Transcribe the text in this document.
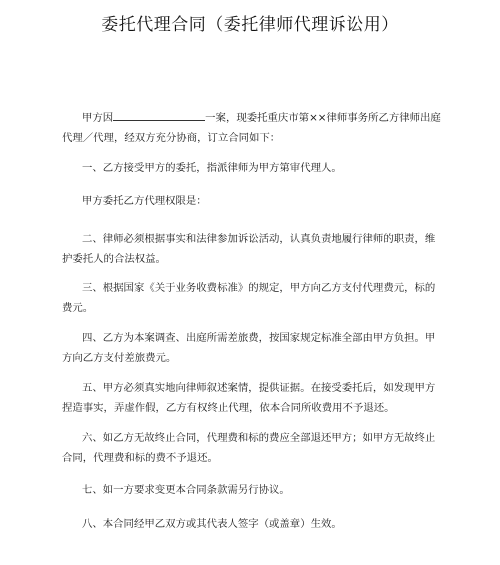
委托代理合同（委托律师代理诉讼用）
甲方因	一案，现委托重庆市第××律师事务所乙方律师出庭代理／代理，经双方充分协商，订立合同如下：
一、乙方接受甲方的委托，指派律师为甲方第审代理人。
甲方委托乙方代理权限是：
二、律师必须根据事实和法律参加诉讼活动，认真负责地履行律师的职责，维护委托人的合法权益。
三、根据国家《关于业务收费标准》的规定，甲方向乙方支付代理费元，标的费元。
四、乙方为本案调查、出庭所需差旅费，按国家规定标准全部由甲方负担。甲方向乙方支付差旅费元。
五、甲方必须真实地向律师叙述案情，提供证据。在接受委托后，如发现甲方捏造事实，弄虚作假，乙方有权终止代理，依本合同所收费用不予退还。
六、如乙方无故终止合同，代理费和标的费应全部退还甲方；如甲方无故终止合同，代理费和标的费不予退还。
七、如一方要求变更本合同条款需另行协议。
八、本合同经甲乙双方或其代表人签字（或盖章）生效。
